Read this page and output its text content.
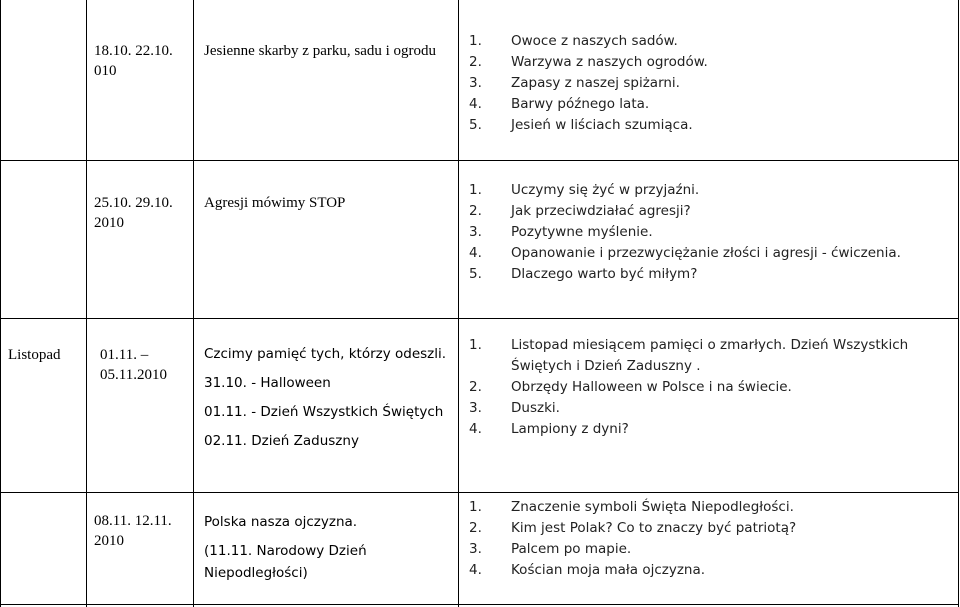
18.10. 22.10. 010
Jesienne skarby z parku, sadu i ogrodu
1. Owoce z naszych sadów.
2. Warzywa z naszych ogrodów.
3. Zapasy z naszej spiżarni.
4. Barwy późnego lata.
5. Jesień w liściach szumiąca.
25.10. 29.10. 2010
Agresji mówimy STOP
1. Uczymy się żyć w przyjaźni.
2. Jak przeciwdziałać agresji?
3. Pozytywne myślenie.
4. Opanowanie i przezwyciężanie złości i agresji - ćwiczenia.
5. Dlaczego warto być miłym?
Listopad	01.11. – 05.11.2010
Czcimy pamięć tych, którzy odeszli.
31.10. - Halloween
01.11. - Dzień Wszystkich Świętych
02.11. Dzień Zaduszny
1. Listopad miesiącem pamięci o zmarłych. Dzień Wszystkich Świętych i Dzień Zaduszny .
2. Obrzędy Halloween w Polsce i na świecie.
3. Duszki.
4. Lampiony z dyni?
08.11. 12.11. 2010
Polska nasza ojczyzna.
(11.11. Narodowy Dzień Niepodległości)
1. Znaczenie symboli Święta Niepodległości.
2. Kim jest Polak? Co to znaczy być patriotą?
3. Palcem po mapie.
4. Kościan moja mała ojczyzna.
